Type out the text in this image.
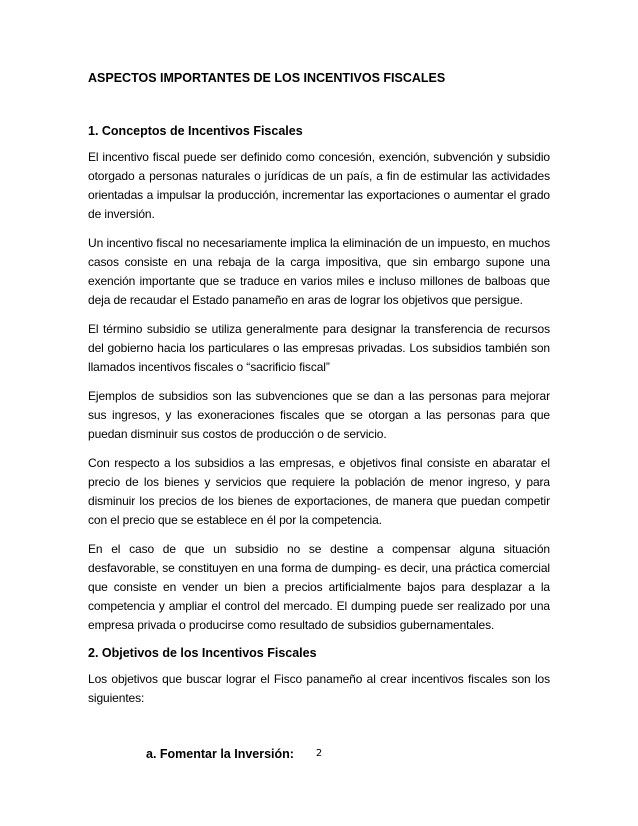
ASPECTOS IMPORTANTES DE LOS INCENTIVOS FISCALES
1. Conceptos de Incentivos Fiscales

El incentivo fiscal puede ser definido como concesión, exención, subvención y subsidio otorgado a personas naturales o jurídicas de un país, a fin de estimular las actividades orientadas a impulsar la producción, incrementar las exportaciones o aumentar el grado de inversión.

Un incentivo fiscal no necesariamente implica la eliminación de un impuesto, en muchos casos consiste en una rebaja de la carga impositiva, que sin embargo supone una exención importante que se traduce en varios miles e incluso millones de balboas que deja de recaudar el Estado panameño en aras de lograr los objetivos que persigue.

El término subsidio se utiliza generalmente para designar la transferencia de recursos del gobierno hacia los particulares o las empresas privadas. Los subsidios también son llamados incentivos fiscales o “sacrificio fiscal”

Ejemplos de subsidios son las subvenciones que se dan a las personas para mejorar sus ingresos, y las exoneraciones fiscales que se otorgan a las personas para que puedan disminuir sus costos de producción o de servicio.

Con respecto a los subsidios a las empresas, e objetivos final consiste en abaratar el precio de los bienes y servicios que requiere la población de menor ingreso, y para disminuir los precios de los bienes de exportaciones, de manera que puedan competir con el precio que se establece en él por la competencia.

En el caso de que un subsidio no se destine a compensar alguna situación desfavorable, se constituyen en una forma de dumping- es decir, una práctica comercial que consiste en vender un bien a precios artificialmente bajos para desplazar a la competencia y ampliar el control del mercado. El dumping puede ser realizado por una empresa privada o producirse como resultado de subsidios gubernamentales.

2. Objetivos de los Incentivos Fiscales

Los objetivos que buscar lograr el Fisco panameño al crear incentivos fiscales son los siguientes:

a. Fomentar la Inversión:	2
